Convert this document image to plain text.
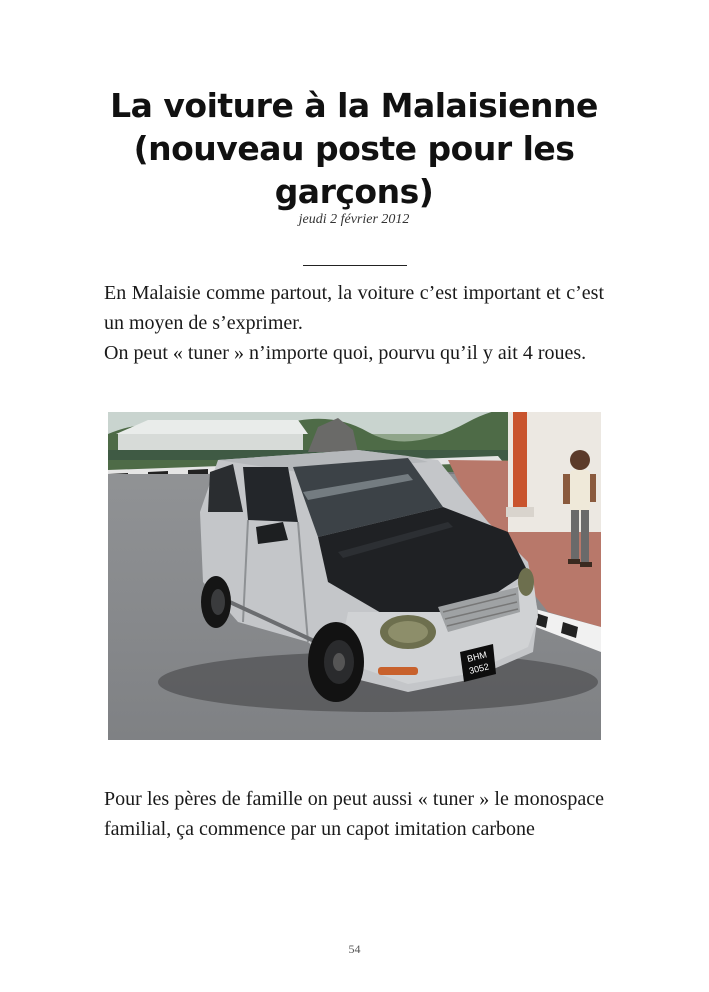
La voiture à la Malaisienne (nouveau poste pour les garçons)
jeudi 2 février 2012

En Malaisie comme partout, la voiture c’est important et c’est un moyen de s’exprimer.

On peut « tuner » n’importe quoi, pourvu qu’il y ait 4 roues.

BHM
3052

Pour les pères de famille on peut aussi « tuner » le monospace familial, ça commence par un capot imitation carbone

54
